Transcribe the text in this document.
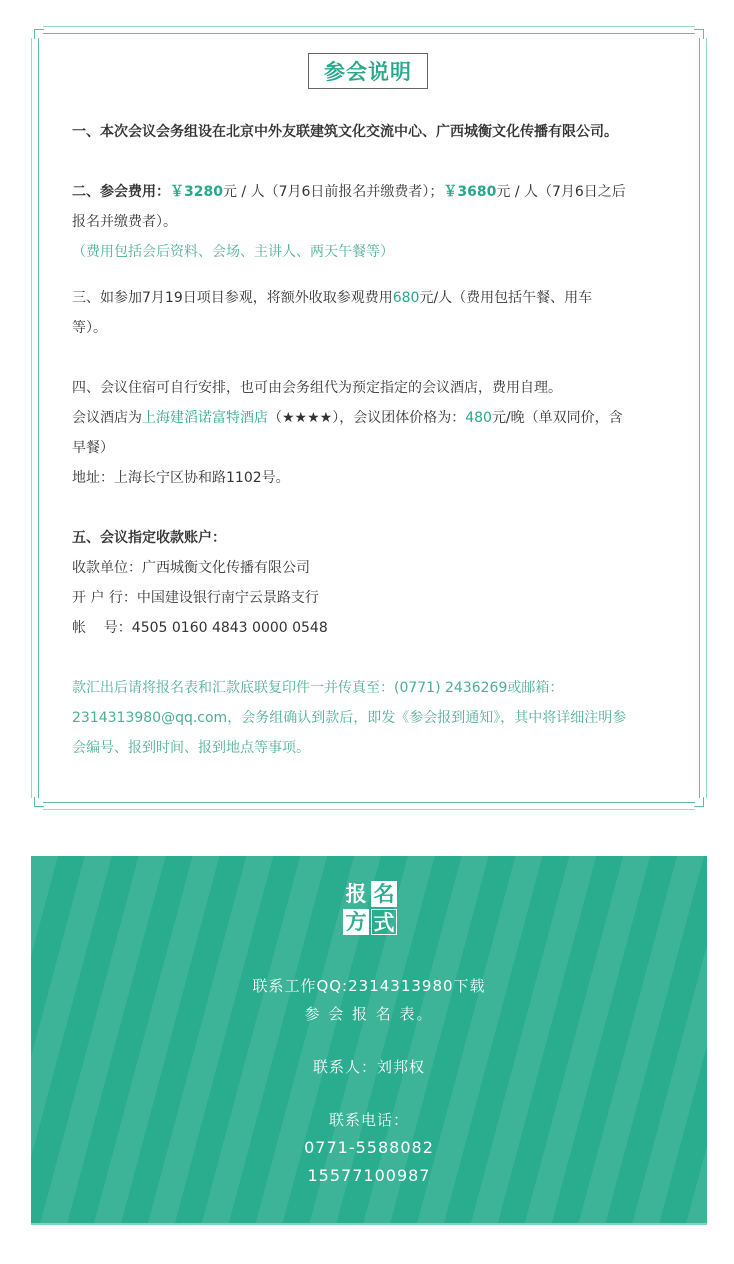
参会说明
一、本次会议会务组设在北京中外友联建筑文化交流中心、广西城衡文化传播有限公司。
二、参会费用：￥3280元 / 人（7月6日前报名并缴费者）；￥3680元 / 人（7月6日之后
报名并缴费者）。
（费用包括会后资料、会场、主讲人、两天午餐等）
三、如参加7月19日项目参观，将额外收取参观费用680元/人（费用包括午餐、用车
等）。
四、会议住宿可自行安排，也可由会务组代为预定指定的会议酒店，费用自理。
会议酒店为上海建滔诺富特酒店（★★★★），会议团体价格为：480元/晚（单双同价，含
早餐）
地址：上海长宁区协和路1102号。
五、会议指定收款账户：
收款单位：广西城衡文化传播有限公司
开 户 行：中国建设银行南宁云景路支行
帐    号：4505 0160 4843 0000 0548
款汇出后请将报名表和汇款底联复印件一并传真至：(0771) 2436269或邮箱：
2314313980@qq.com，会务组确认到款后，即发《参会报到通知》，其中将详细注明参
会编号、报到时间、报到地点等事项。
报 名
方 式
联系工作QQ:2314313980下载
参 会 报 名 表。
联系人：刘邦权
联系电话：
0771-5588082
15577100987
